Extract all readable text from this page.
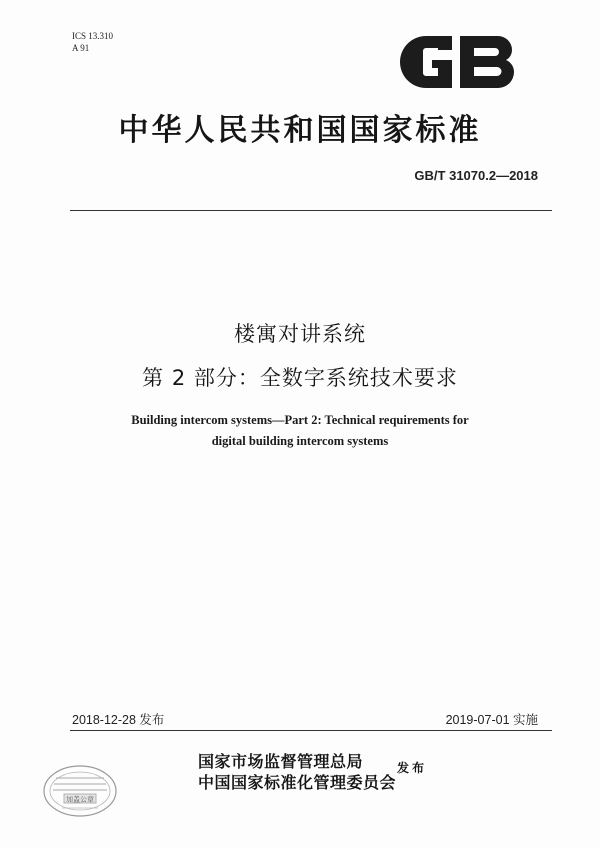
ICS 13.310
A 91
中华人民共和国国家标准
GB/T 31070.2—2018
楼寓对讲系统
第 2 部分：全数字系统技术要求
Building intercom systems—Part 2: Technical requirements for
digital building intercom systems
2018-12-28 发布	2019-07-01 实施
国家市场监督管理总局
中国国家标准化管理委员会
发布
加盖公章
